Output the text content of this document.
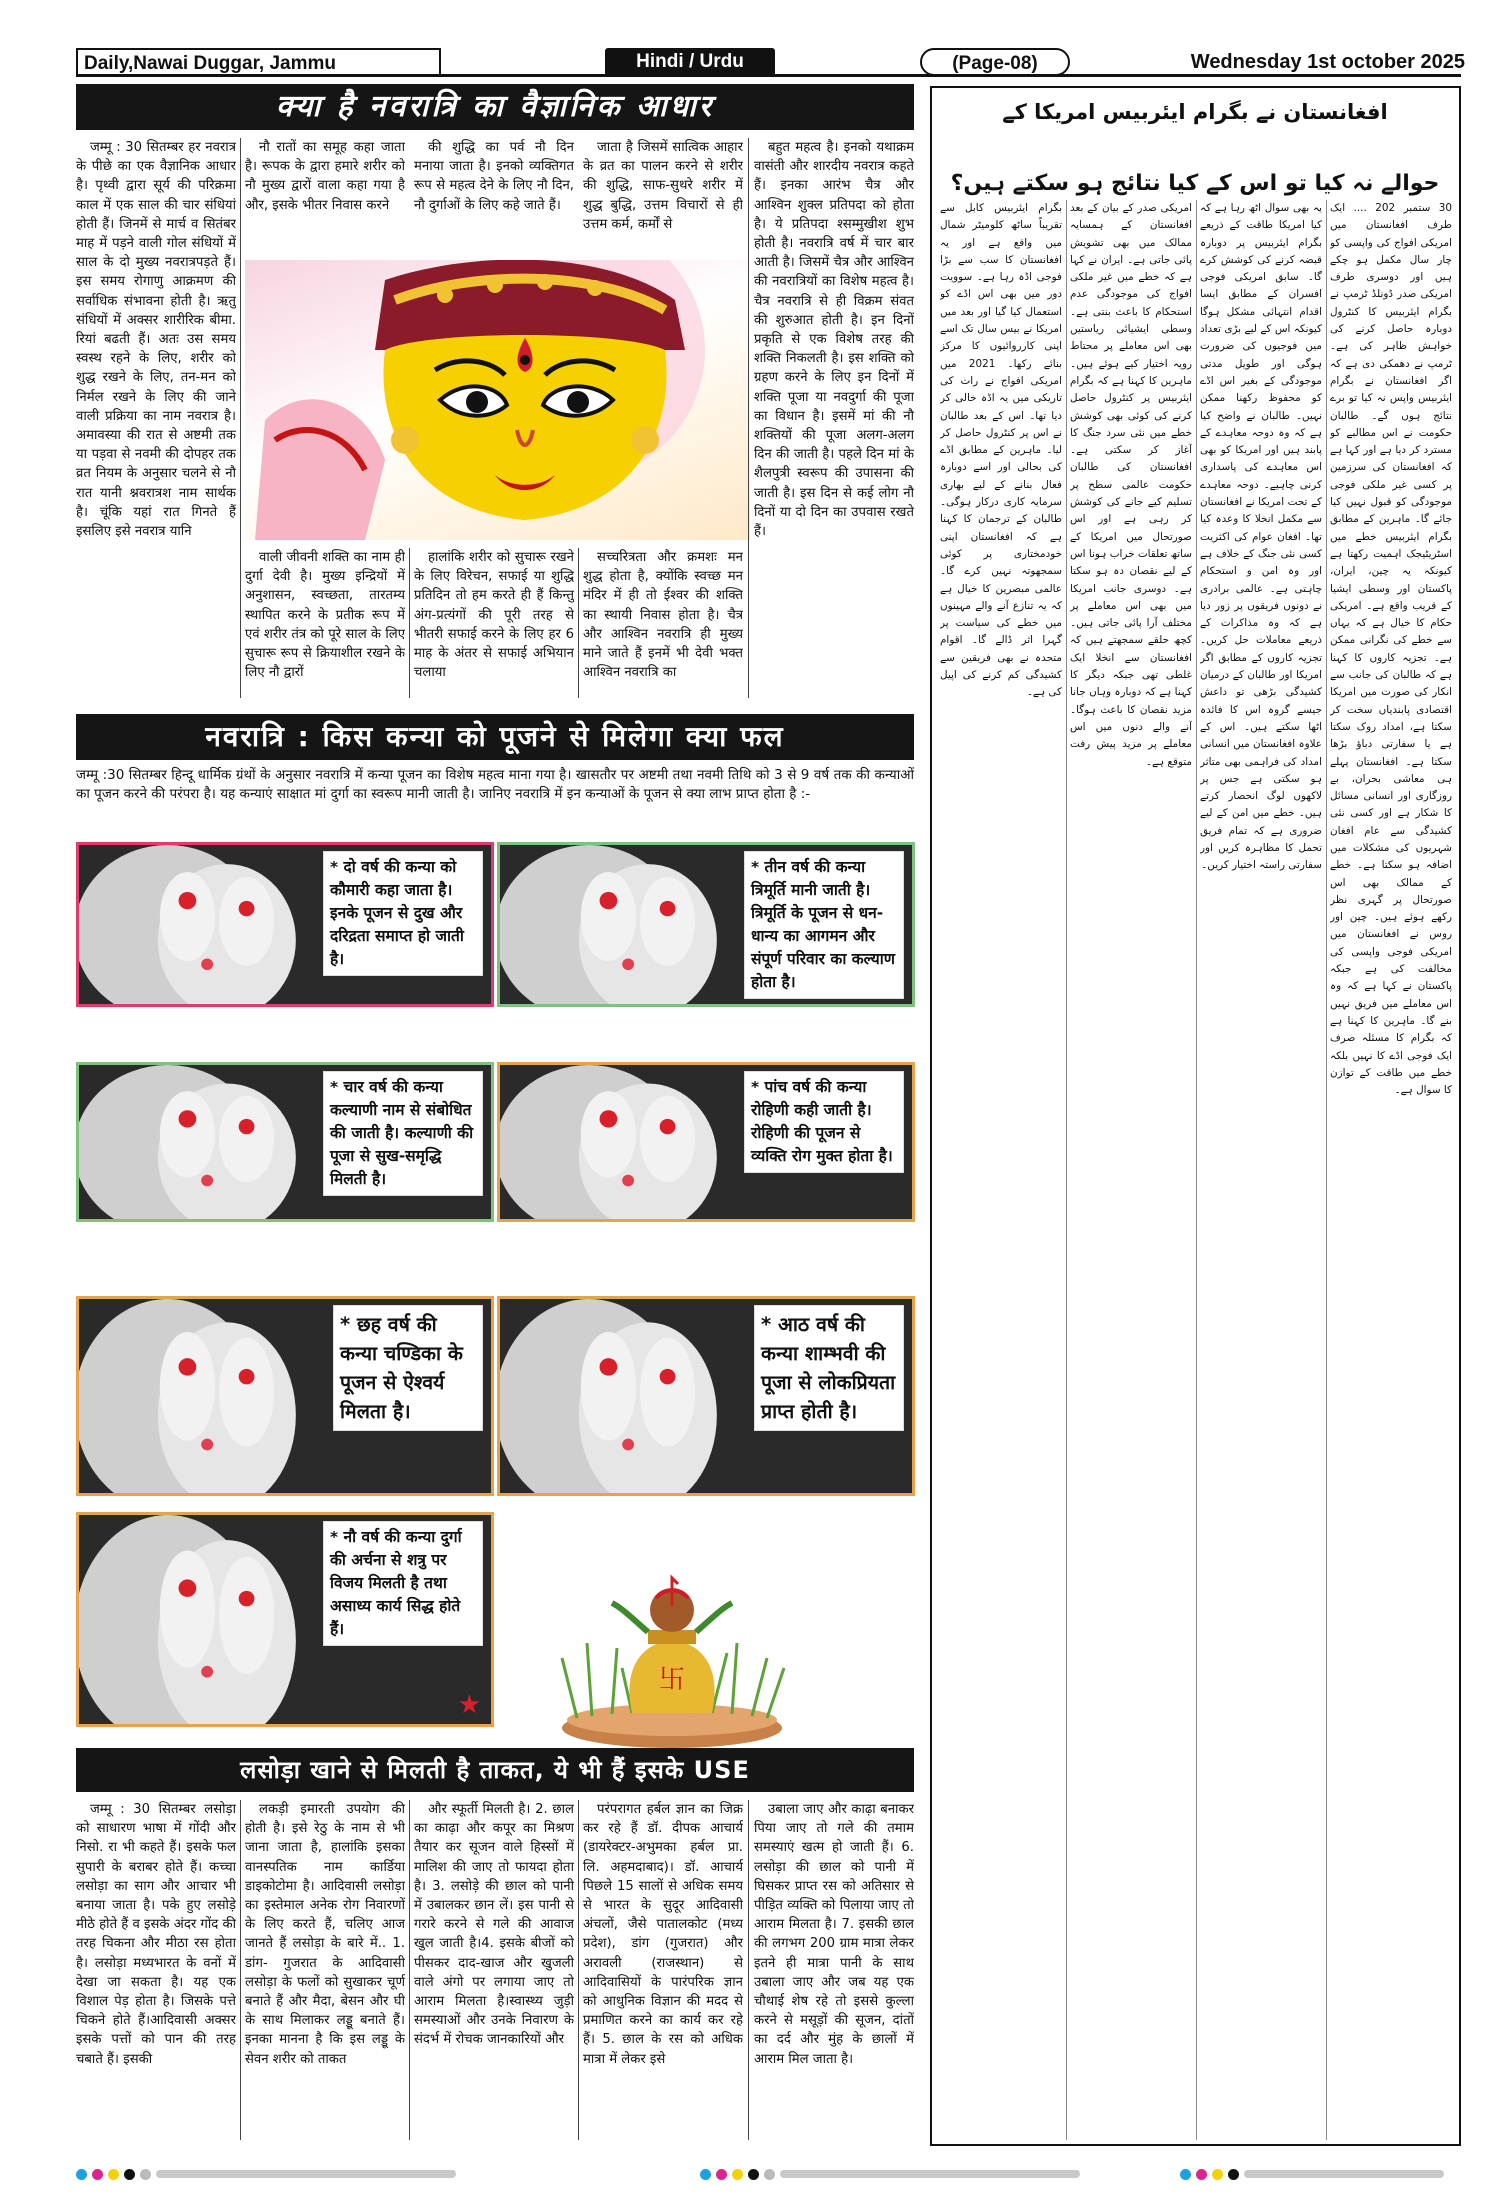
Daily,Nawai Duggar, Jammu	Hindi / Urdu	(Page-08)	Wednesday 1st october 2025
क्या है नवरात्रि का वैज्ञानिक आधार

जम्मू : 30 सितम्बर हर नवरात्र के पीछे का एक वैज्ञानिक आधार है। पृथ्वी द्वारा सूर्य की परिक्रमा काल में एक साल की चार संधियां होती हैं। जिनमें से मार्च व सितंबर माह में पड़ने वाली गोल संधियों में साल के दो मुख्य नवरात्रपड़ते हैं। इस समय रोगाणु आक्रमण की सर्वाधिक संभावना होती है। ऋतु संधियों में अक्सर शारीरिक बीमा. रियां बढती हैं। अतः उस समय स्वस्थ रहने के लिए, शरीर को शुद्ध रखने के लिए, तन-मन को निर्मल रखने के लिए की जाने वाली प्रक्रिया का नाम नवरात्र है। अमावस्या की रात से अष्टमी तक या पड़वा से नवमी की दोपहर तक व्रत नियम के अनुसार चलने से नौ रात यानी श्नवरात्रश नाम सार्थक है। चूंकि यहां रात गिनते हैं इसलिए इसे नवरात्र यानि

नौ रातों का समूह कहा जाता है। रूपक के द्वारा हमारे शरीर को नौ मुख्य द्वारों वाला कहा गया है और, इसके भीतर निवास करने

की शुद्धि का पर्व नौ दिन मनाया जाता है। इनको व्यक्तिगत रूप से महत्व देने के लिए नौ दिन, नौ दुर्गाओं के लिए कहे जाते हैं।

जाता है जिसमें सात्विक आहार के व्रत का पालन करने से शरीर की शुद्धि, साफ-सुथरे शरीर में शुद्ध बुद्धि, उत्तम विचारों से ही उत्तम कर्म, कर्मों से

बहुत महत्व है। इनको यथाक्रम वासंती और शारदीय नवरात्र कहते हैं। इनका आरंभ चैत्र और आश्विन शुक्ल प्रतिपदा को होता है। ये प्रतिपदा श्सम्मुखीश शुभ होती है। नवरात्रि वर्ष में चार बार आती है। जिसमें चैत्र और आश्विन की नवरात्रियों का विशेष महत्व है। चैत्र नवरात्रि से ही विक्रम संवत की शुरुआत होती है। इन दिनों प्रकृति से एक विशेष तरह की शक्ति निकलती है। इस शक्ति को ग्रहण करने के लिए इन दिनों में शक्ति पूजा या नवदुर्गा की पूजा का विधान है। इसमें मां की नौ शक्तियों की पूजा अलग-अलग दिन की जाती है। पहले दिन मां के शैलपुत्री स्वरूप की उपासना की जाती है। इस दिन से कई लोग नौ दिनों या दो दिन का उपवास रखते हैं।

वाली जीवनी शक्ति का नाम ही दुर्गा देवी है। मुख्य इन्द्रियों में अनुशासन, स्वच्छता, तारतम्य स्थापित करने के प्रतीक रूप में एवं शरीर तंत्र को पूरे साल के लिए सुचारू रूप से क्रियाशील रखने के लिए नौ द्वारों

हालांकि शरीर को सुचारू रखने के लिए विरेचन, सफाई या शुद्धि प्रतिदिन तो हम करते ही हैं किन्तु अंग-प्रत्यंगों की पूरी तरह से भीतरी सफाई करने के लिए हर 6 माह के अंतर से सफाई अभियान चलाया

सच्चरित्रता और क्रमशः मन शुद्ध होता है, क्योंकि स्वच्छ मन मंदिर में ही तो ईश्वर की शक्ति का स्थायी निवास होता है। चैत्र और आश्विन नवरात्रि ही मुख्य माने जाते हैं इनमें भी देवी भक्त आश्विन नवरात्रि का

नवरात्रि : किस कन्या को पूजने से मिलेगा क्या फल
जम्मू :30 सितम्बर हिन्दू धार्मिक ग्रंथों के अनुसार नवरात्रि में कन्या पूजन का विशेष महत्व माना गया है। खासतौर पर अष्टमी तथा नवमी तिथि को 3 से 9 वर्ष तक की कन्याओं का पूजन करने की परंपरा है। यह कन्याएं साक्षात मां दुर्गा का स्वरूप मानी जाती है। जानिए नवरात्रि में इन कन्याओं के पूजन से क्या लाभ प्राप्त होता है :-
* दो वर्ष की कन्या को कौमारी कहा जाता है। इनके पूजन से दुख और दरिद्रता समाप्त हो जाती है।
* तीन वर्ष की कन्या त्रिमूर्ति मानी जाती है। त्रिमूर्ति के पूजन से धन-धान्य का आगमन और संपूर्ण परिवार का कल्याण होता है।
* चार वर्ष की कन्या कल्याणी नाम से संबोधित की जाती है। कल्याणी की पूजा से सुख-समृद्धि मिलती है।
* पांच वर्ष की कन्या रोहिणी कही जाती है। रोहिणी की पूजन से व्यक्ति रोग मुक्त होता है।
* छह वर्ष की कन्या चण्डिका के पूजन से ऐश्वर्य मिलता है।
* आठ वर्ष की कन्या शाम्भवी की पूजा से लोकप्रियता प्राप्त होती है।
★
* नौ वर्ष की कन्या दुर्गा की अर्चना से शत्रु पर विजय मिलती है तथा असाध्य कार्य सिद्ध होते हैं।
卐
लसोड़ा खाने से मिलती है ताकत, ये भी हैं इसके USE

जम्मू : 30 सितम्बर लसोड़ा को साधारण भाषा में गोंदी और निसो. रा भी कहते हैं। इसके फल सुपारी के बराबर होते हैं। कच्चा लसोड़ा का साग और आचार भी बनाया जाता है। पके हुए लसोड़े मीठे होते हैं व इसके अंदर गोंद की तरह चिकना और मीठा रस होता है। लसोड़ा मध्यभारत के वनों में देखा जा सकता है। यह एक विशाल पेड़ होता है। जिसके पत्ते चिकने होते हैं।आदिवासी अक्सर इसके पत्तों को पान की तरह चबाते हैं। इसकी

लकड़ी इमारती उपयोग की होती है। इसे रेठु के नाम से भी जाना जाता है, हालांकि इसका वानस्पतिक नाम कार्डिया डाइकोटोमा है। आदिवासी लसोड़ा का इस्तेमाल अनेक रोग निवारणों के लिए करते हैं, चलिए आज जानते हैं लसोड़ा के बारे में.. 1. डांग- गुजरात के आदिवासी लसोड़ा के फलों को सुखाकर चूर्ण बनाते हैं और मैदा, बेसन और घी के साथ मिलाकर लड्डू बनाते हैं। इनका मानना है कि इस लड्डू के सेवन शरीर को ताकत

और स्फूर्ती मिलती है। 2. छाल का काढ़ा और कपूर का मिश्रण तैयार कर सूजन वाले हिस्सों में मालिश की जाए तो फायदा होता है। 3. लसोड़े की छाल को पानी में उबालकर छान लें। इस पानी से गरारे करने से गले की आवाज खुल जाती है।4. इसके बीजों को पीसकर दाद-खाज और खुजली वाले अंगो पर लगाया जाए तो आराम मिलता है।स्वास्थ्य जुड़ी समस्याओं और उनके निवारण के संदर्भ में रोचक जानकारियों और

परंपरागत हर्बल ज्ञान का जिक्र कर रहे हैं डॉ. दीपक आचार्य (डायरेक्टर-अभुमका हर्बल प्रा. लि. अहमदाबाद)। डॉ. आचार्य पिछले 15 सालों से अधिक समय से भारत के सुदूर आदिवासी अंचलों, जैसे पातालकोट (मध्य प्रदेश), डांग (गुजरात) और अरावली (राजस्थान) से आदिवासियों के पारंपरिक ज्ञान को आधुनिक विज्ञान की मदद से प्रमाणित करने का कार्य कर रहे हैं। 5. छाल के रस को अधिक मात्रा में लेकर इसे

उबाला जाए और काढ़ा बनाकर पिया जाए तो गले की तमाम समस्याएं खत्म हो जाती हैं। 6. लसोड़ा की छाल को पानी में घिसकर प्राप्त रस को अतिसार से पीड़ित व्यक्ति को पिलाया जाए तो आराम मिलता है। 7. इसकी छाल की लगभग 200 ग्राम मात्रा लेकर इतने ही मात्रा पानी के साथ उबाला जाए और जब यह एक चौथाई शेष रहे तो इससे कुल्ला करने से मसूड़ों की सूजन, दांतों का दर्द और मुंह के छालों में आराम मिल जाता है।

افغانستان نے بگرام ایئربیس امریکا کے
حوالے نہ کیا تو اس کے کیا نتائج ہو سکتے ہیں؟
30 ستمبر 202 .... ایک طرف افغانستان میں امریکی افواج کی واپسی کو چار سال مکمل ہو چکے ہیں اور دوسری طرف امریکی صدر ڈونلڈ ٹرمپ نے بگرام ایئربیس کا کنٹرول دوبارہ حاصل کرنے کی خواہش ظاہر کی ہے۔ ٹرمپ نے دھمکی دی ہے کہ اگر افغانستان نے بگرام ایئربیس واپس نہ کیا تو برے نتائج ہوں گے۔ طالبان حکومت نے اس مطالبے کو مسترد کر دیا ہے اور کہا ہے کہ افغانستان کی سرزمین پر کسی غیر ملکی فوجی موجودگی کو قبول نہیں کیا جائے گا۔ ماہرین کے مطابق بگرام ایئربیس خطے میں اسٹریٹیجک اہمیت رکھتا ہے کیونکہ یہ چین، ایران، پاکستان اور وسطی ایشیا کے قریب واقع ہے۔ امریکی حکام کا خیال ہے کہ یہاں سے خطے کی نگرانی ممکن ہے۔ تجزیہ کاروں کا کہنا ہے کہ طالبان کی جانب سے انکار کی صورت میں امریکا اقتصادی پابندیاں سخت کر سکتا ہے، امداد روک سکتا ہے یا سفارتی دباؤ بڑھا سکتا ہے۔ افغانستان پہلے ہی معاشی بحران، بے روزگاری اور انسانی مسائل کا شکار ہے اور کسی نئی کشیدگی سے عام افغان شہریوں کی مشکلات میں اضافہ ہو سکتا ہے۔ خطے کے ممالک بھی اس صورتحال پر گہری نظر رکھے ہوئے ہیں۔ چین اور روس نے افغانستان میں امریکی فوجی واپسی کی مخالفت کی ہے جبکہ پاکستان نے کہا ہے کہ وہ اس معاملے میں فریق نہیں بنے گا۔ ماہرین کا کہنا ہے کہ بگرام کا مسئلہ صرف ایک فوجی اڈے کا نہیں بلکہ خطے میں طاقت کے توازن کا سوال ہے۔
یہ بھی سوال اٹھ رہا ہے کہ کیا امریکا طاقت کے ذریعے بگرام ایئربیس پر دوبارہ قبضہ کرنے کی کوشش کرے گا۔ سابق امریکی فوجی افسران کے مطابق ایسا اقدام انتہائی مشکل ہوگا کیونکہ اس کے لیے بڑی تعداد میں فوجیوں کی ضرورت ہوگی اور طویل مدتی موجودگی کے بغیر اس اڈے کو محفوظ رکھنا ممکن نہیں۔ طالبان نے واضح کیا ہے کہ وہ دوحہ معاہدے کے پابند ہیں اور امریکا کو بھی اس معاہدے کی پاسداری کرنی چاہیے۔ دوحہ معاہدے کے تحت امریکا نے افغانستان سے مکمل انخلا کا وعدہ کیا تھا۔ افغان عوام کی اکثریت کسی نئی جنگ کے خلاف ہے اور وہ امن و استحکام چاہتی ہے۔ عالمی برادری نے دونوں فریقوں پر زور دیا ہے کہ وہ مذاکرات کے ذریعے معاملات حل کریں۔ تجزیہ کاروں کے مطابق اگر امریکا اور طالبان کے درمیان کشیدگی بڑھی تو داعش جیسے گروہ اس کا فائدہ اٹھا سکتے ہیں۔ اس کے علاوہ افغانستان میں انسانی امداد کی فراہمی بھی متاثر ہو سکتی ہے جس پر لاکھوں لوگ انحصار کرتے ہیں۔ خطے میں امن کے لیے ضروری ہے کہ تمام فریق تحمل کا مظاہرہ کریں اور سفارتی راستہ اختیار کریں۔
امریکی صدر کے بیان کے بعد افغانستان کے ہمسایہ ممالک میں بھی تشویش پائی جاتی ہے۔ ایران نے کہا ہے کہ خطے میں غیر ملکی افواج کی موجودگی عدم استحکام کا باعث بنتی ہے۔ وسطی ایشیائی ریاستیں بھی اس معاملے پر محتاط رویہ اختیار کیے ہوئے ہیں۔ ماہرین کا کہنا ہے کہ بگرام ایئربیس پر کنٹرول حاصل کرنے کی کوئی بھی کوشش خطے میں نئی سرد جنگ کا آغاز کر سکتی ہے۔ افغانستان کی طالبان حکومت عالمی سطح پر تسلیم کیے جانے کی کوشش کر رہی ہے اور اس صورتحال میں امریکا کے ساتھ تعلقات خراب ہونا اس کے لیے نقصان دہ ہو سکتا ہے۔ دوسری جانب امریکا میں بھی اس معاملے پر مختلف آرا پائی جاتی ہیں۔ کچھ حلقے سمجھتے ہیں کہ افغانستان سے انخلا ایک غلطی تھی جبکہ دیگر کا کہنا ہے کہ دوبارہ وہاں جانا مزید نقصان کا باعث ہوگا۔ آنے والے دنوں میں اس معاملے پر مزید پیش رفت متوقع ہے۔
بگرام ایئربیس کابل سے تقریباً ساٹھ کلومیٹر شمال میں واقع ہے اور یہ افغانستان کا سب سے بڑا فوجی اڈہ رہا ہے۔ سوویت دور میں بھی اس اڈے کو استعمال کیا گیا اور بعد میں امریکا نے بیس سال تک اسے اپنی کارروائیوں کا مرکز بنائے رکھا۔ 2021 میں امریکی افواج نے رات کی تاریکی میں یہ اڈہ خالی کر دیا تھا۔ اس کے بعد طالبان نے اس پر کنٹرول حاصل کر لیا۔ ماہرین کے مطابق اڈے کی بحالی اور اسے دوبارہ فعال بنانے کے لیے بھاری سرمایہ کاری درکار ہوگی۔ طالبان کے ترجمان کا کہنا ہے کہ افغانستان اپنی خودمختاری پر کوئی سمجھوتہ نہیں کرے گا۔ عالمی مبصرین کا خیال ہے کہ یہ تنازع آنے والے مہینوں میں خطے کی سیاست پر گہرا اثر ڈالے گا۔ اقوام متحدہ نے بھی فریقین سے کشیدگی کم کرنے کی اپیل کی ہے۔
